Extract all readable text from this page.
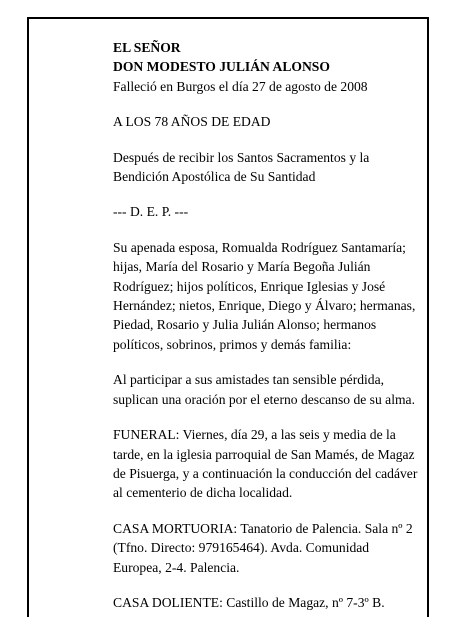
EL SEÑOR
DON MODESTO JULIÁN ALONSO

Falleció en Burgos el día 27 de agosto de 2008

A LOS 78 AÑOS DE EDAD

Después de recibir los Santos Sacramentos y la

Bendición Apostólica de Su Santidad

--- D. E. P. ---

Su apenada esposa, Romualda Rodríguez Santamaría;

hijas, María del Rosario y María Begoña Julián

Rodríguez; hijos políticos, Enrique Iglesias y José

Hernández; nietos, Enrique, Diego y Álvaro; hermanas,

Piedad, Rosario y Julia Julián Alonso; hermanos

políticos, sobrinos, primos y demás familia:

Al participar a sus amistades tan sensible pérdida,

suplican una oración por el eterno descanso de su alma.

FUNERAL: Viernes, día 29, a las seis y media de la

tarde, en la iglesia parroquial de San Mamés, de Magaz

de Pisuerga, y a continuación la conducción del cadáver

al cementerio de dicha localidad.

CASA MORTUORIA: Tanatorio de Palencia. Sala nº 2

(Tfno. Directo: 979165464). Avda. Comunidad

Europea, 2-4. Palencia.

CASA DOLIENTE: Castillo de Magaz, nº 7-3º B.
